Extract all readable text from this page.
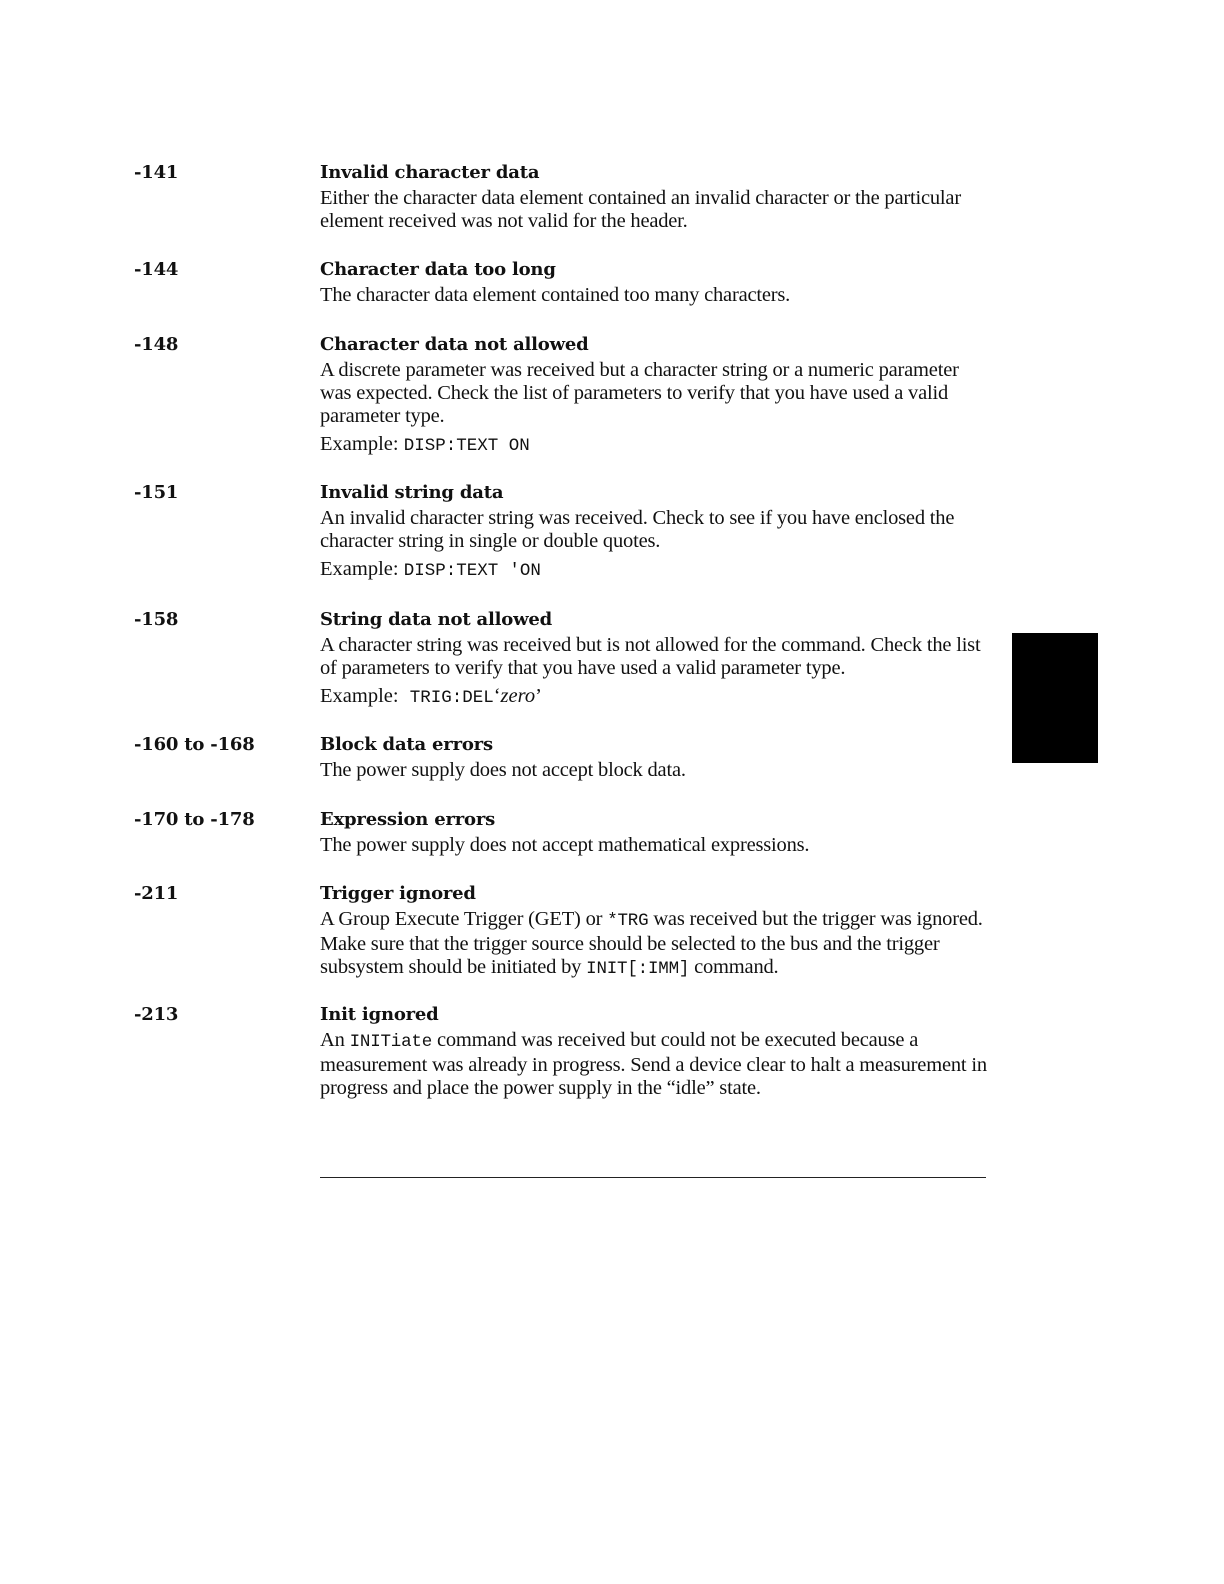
-141	Invalid character data

Either the character data element contained an invalid character or the particular element received was not valid for the header.

-144	Character data too long

The character data element contained too many characters.

-148	Character data not allowed

A discrete parameter was received but a character string or a numeric parameter was expected. Check the list of parameters to verify that you have used a valid parameter type.

Example: DISP:TEXT ON
-151	Invalid string data

An invalid character string was received. Check to see if you have enclosed the character string in single or double quotes.

Example: DISP:TEXT 'ON
-158	String data not allowed

A character string was received but is not allowed for the command. Check the list of parameters to verify that you have used a valid parameter type.

Example: TRIG:DEL‘zero’
-160 to -168	Block data errors

The power supply does not accept block data.

-170 to -178	Expression errors

The power supply does not accept mathematical expressions.

-211	Trigger ignored

A Group Execute Trigger (GET) or *TRG was received but the trigger was ignored. Make sure that the trigger source should be selected to the bus and the trigger subsystem should be initiated by INIT[:IMM] command.

-213	Init ignored

An INITiate command was received but could not be executed because a measurement was already in progress. Send a device clear to halt a measurement in progress and place the power supply in the “idle” state.
